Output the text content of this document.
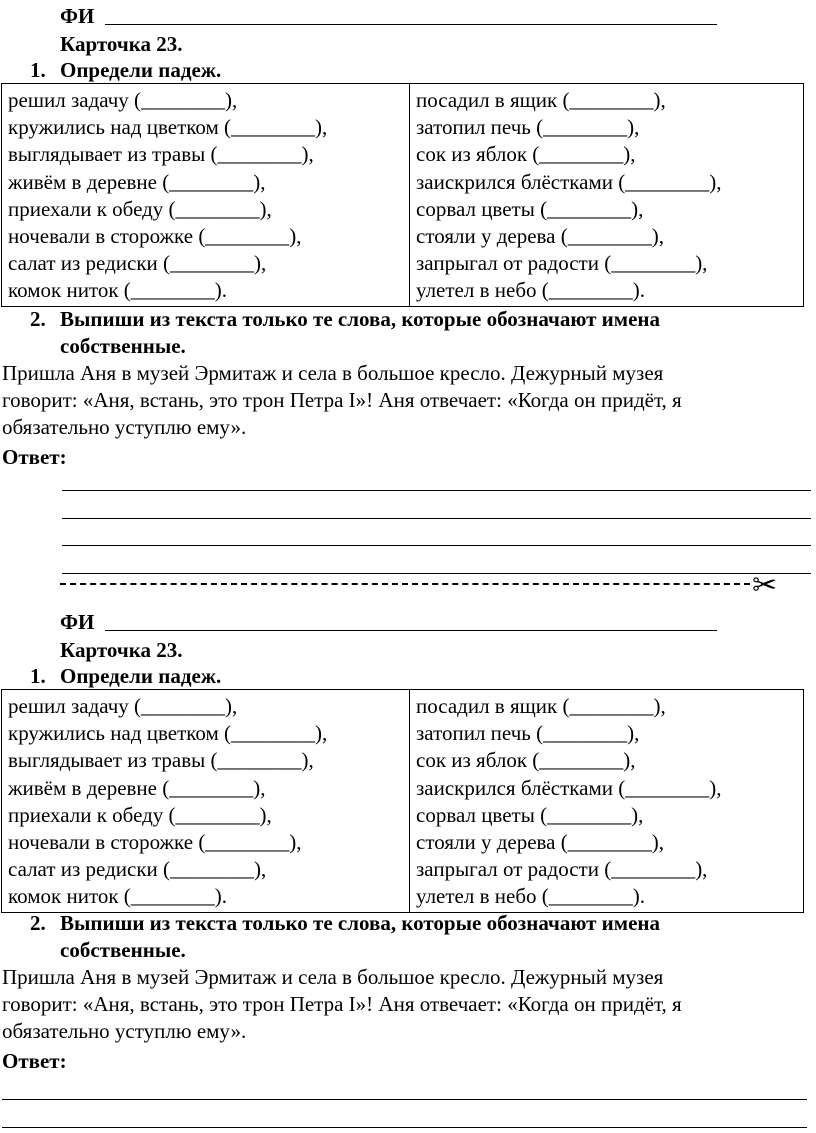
ФИ
Карточка 23.
1. Определи падеж.
решил задачу (________),
кружились над цветком (________),
выглядывает из травы (________),
живём в деревне (________),
приехали к обеду (________),
ночевали в сторожке (________),
салат из редиски (________),
комок ниток (________).

посадил в ящик (________),
затопил печь (________),
сок из яблок (________),
заискрился блёстками (________),
сорвал цветы (________),
стояли у дерева (________),
запрыгал от радости (________),
улетел в небо (________).
2. Выпиши из текста только те слова, которые обозначают имена
собственные.
Пришла Аня в музей Эрмитаж и села в большое кресло. Дежурный музея
говорит: «Аня, встань, это трон Петра I»! Аня отвечает: «Когда он придёт, я
обязательно уступлю ему».
Ответ:
✂
ФИ
Карточка 23.
1. Определи падеж.
решил задачу (________),
кружились над цветком (________),
выглядывает из травы (________),
живём в деревне (________),
приехали к обеду (________),
ночевали в сторожке (________),
салат из редиски (________),
комок ниток (________).

посадил в ящик (________),
затопил печь (________),
сок из яблок (________),
заискрился блёстками (________),
сорвал цветы (________),
стояли у дерева (________),
запрыгал от радости (________),
улетел в небо (________).
2. Выпиши из текста только те слова, которые обозначают имена
собственные.
Пришла Аня в музей Эрмитаж и села в большое кресло. Дежурный музея
говорит: «Аня, встань, это трон Петра I»! Аня отвечает: «Когда он придёт, я
обязательно уступлю ему».
Ответ:
